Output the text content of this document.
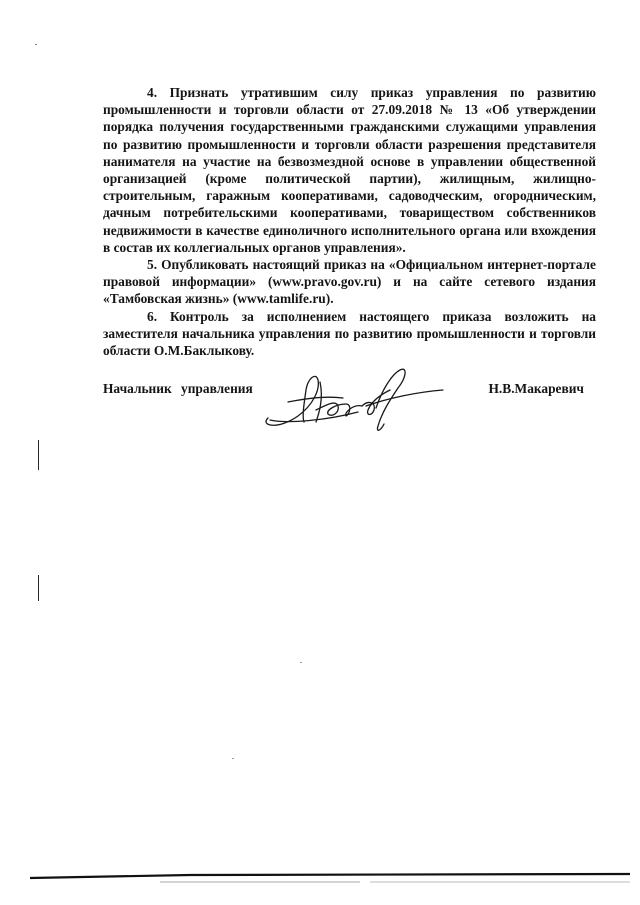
4. Признать утратившим силу приказ управления по развитию промышленности и торговли области от 27.09.2018 № 13 «Об утверждении порядка получения государственными гражданскими служащими управления по развитию промышленности и торговли области разрешения представителя нанимателя на участие на безвозмездной основе в управлении общественной организацией (кроме политической партии), жилищным, жилищно-строительным, гаражным кооперативами, садоводческим, огородническим, дачным потребительскими кооперативами, товариществом собственников недвижимости в качестве единоличного исполнительного органа или вхождения в состав их коллегиальных органов управления».

5. Опубликовать настоящий приказ на «Официальном интернет-портале правовой информации» (www.pravo.gov.ru) и на сайте сетевого издания «Тамбовская жизнь» (www.tamlife.ru).

6. Контроль за исполнением настоящего приказа возложить на заместителя начальника управления по развитию промышленности и торговли области О.М.Баклыкову.

Начальник управления	Н.В.Макаревич
